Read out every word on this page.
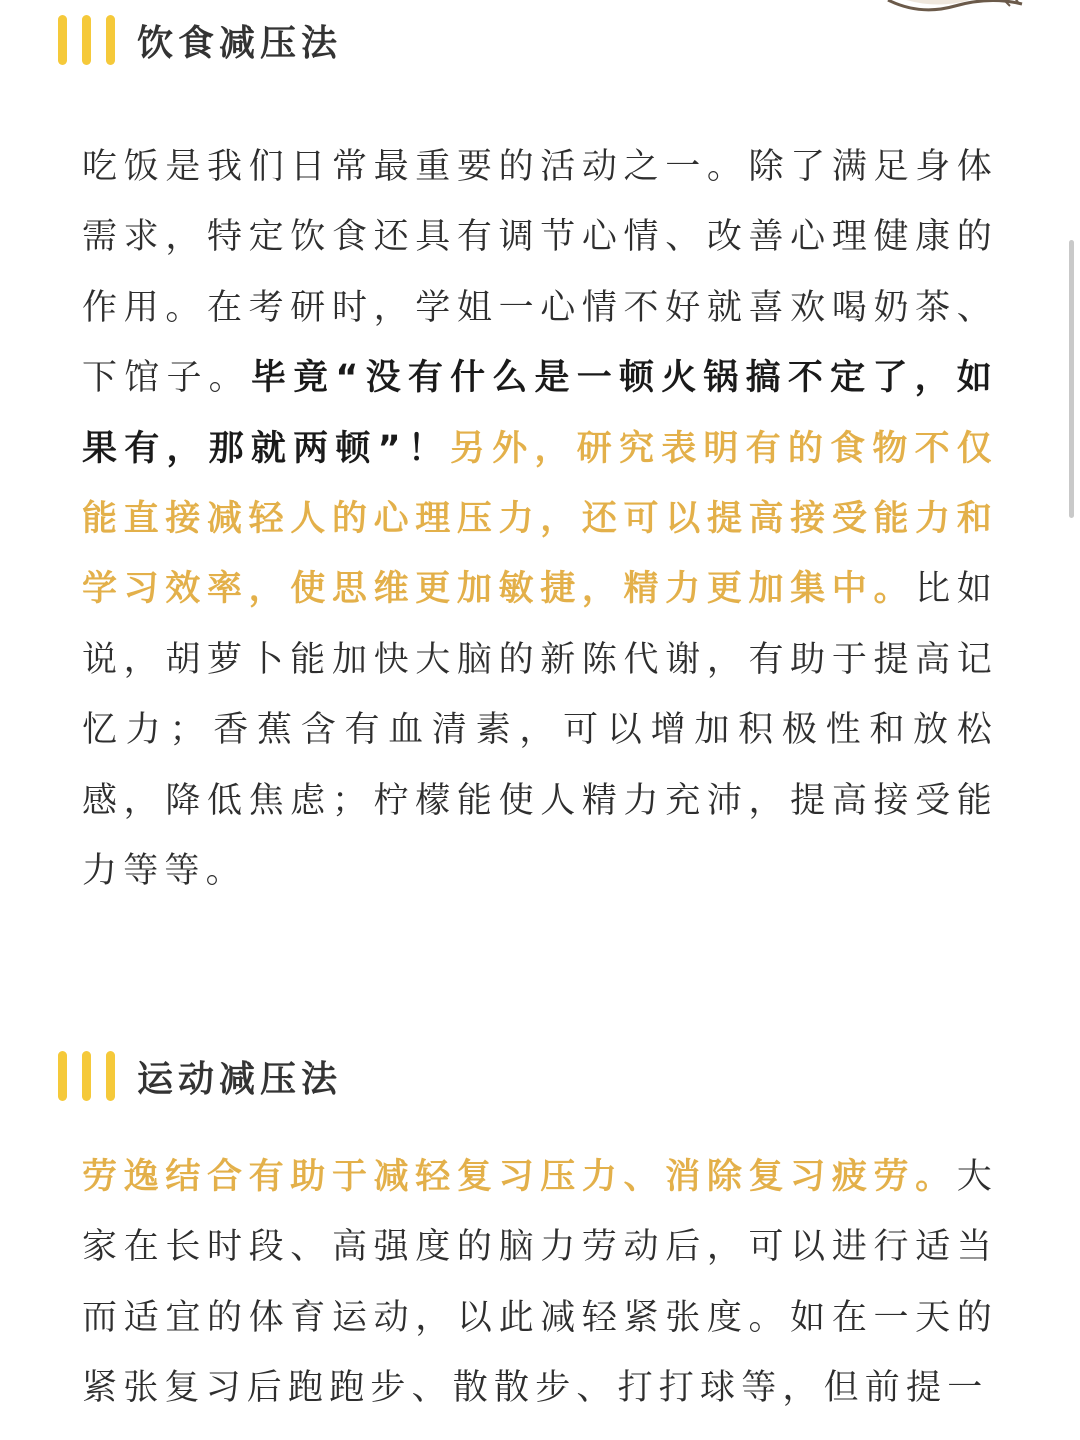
饮食减压法
吃饭是我们日常最重要的活动之一。除了满足身体需求，特定饮食还具有调节心情、改善心理健康的作用。在考研时，学姐一心情不好就喜欢喝奶茶、下馆子。毕竟“没有什么是一顿火锅搞不定了，如果有，那就两顿”！另外，研究表明有的食物不仅能直接减轻人的心理压力，还可以提高接受能力和学习效率，使思维更加敏捷，精力更加集中。比如说，胡萝卜能加快大脑的新陈代谢，有助于提高记忆力；香蕉含有血清素，可以增加积极性和放松感，降低焦虑；柠檬能使人精力充沛，提高接受能力等等。
运动减压法
劳逸结合有助于减轻复习压力、消除复习疲劳。大家在长时段、高强度的脑力劳动后，可以进行适当而适宜的体育运动，以此减轻紧张度。如在一天的紧张复习后跑跑步、散散步、打打球等，但前提一
